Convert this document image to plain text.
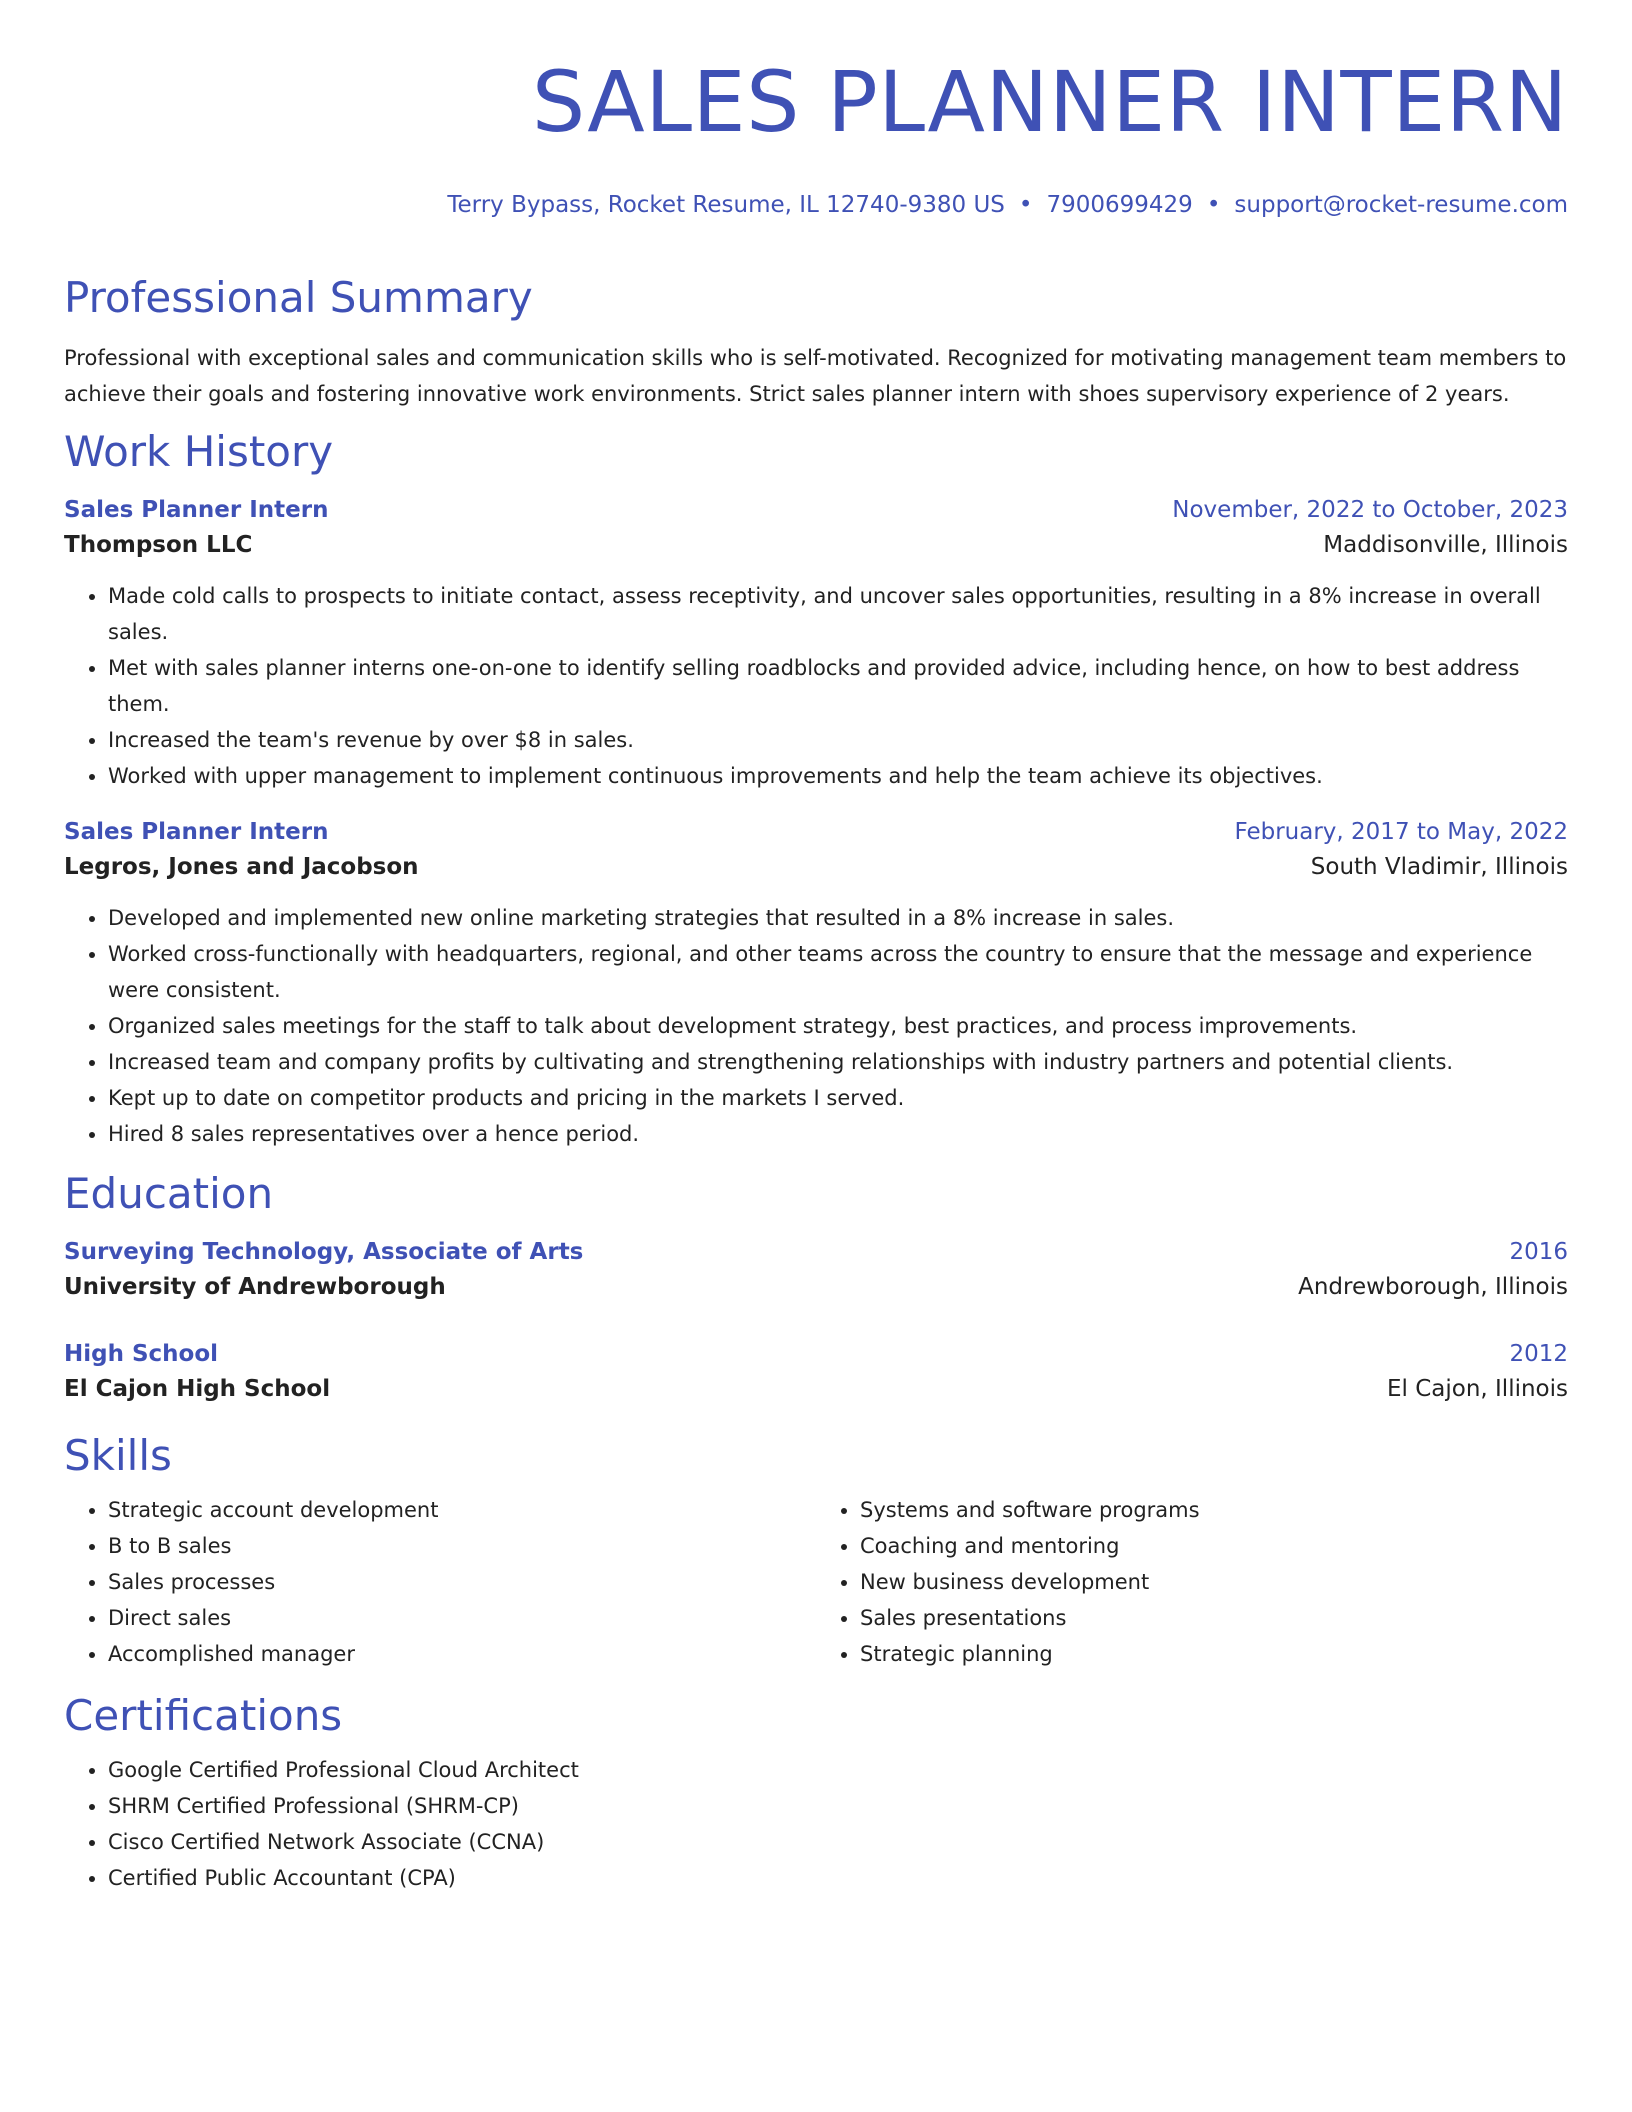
SALES PLANNER INTERN
Terry Bypass, Rocket Resume, IL 12740-9380 US • 7900699429 • support@rocket-resume.com
Professional Summary

Professional with exceptional sales and communication skills who is self-motivated. Recognized for motivating management team members to achieve their goals and fostering innovative work environments. Strict sales planner intern with shoes supervisory experience of 2 years.

Work History
Sales Planner Intern	November, 2022 to October, 2023
Thompson LLC	Maddisonville, Illinois
• Made cold calls to prospects to initiate contact, assess receptivity, and uncover sales opportunities, resulting in a 8% increase in overall sales.
• Met with sales planner interns one-on-one to identify selling roadblocks and provided advice, including hence, on how to best address them.
• Increased the team's revenue by over $8 in sales.
• Worked with upper management to implement continuous improvements and help the team achieve its objectives.
Sales Planner Intern	February, 2017 to May, 2022
Legros, Jones and Jacobson	South Vladimir, Illinois
• Developed and implemented new online marketing strategies that resulted in a 8% increase in sales.
• Worked cross-functionally with headquarters, regional, and other teams across the country to ensure that the message and experience were consistent.
• Organized sales meetings for the staff to talk about development strategy, best practices, and process improvements.
• Increased team and company profits by cultivating and strengthening relationships with industry partners and potential clients.
• Kept up to date on competitor products and pricing in the markets I served.
• Hired 8 sales representatives over a hence period.
Education
Surveying Technology, Associate of Arts	2016
University of Andrewborough	Andrewborough, Illinois
High School	2012
El Cajon High School	El Cajon, Illinois
Skills
• Strategic account development
• B to B sales
• Sales processes
• Direct sales
• Accomplished manager
• Systems and software programs
• Coaching and mentoring
• New business development
• Sales presentations
• Strategic planning
Certifications
• Google Certified Professional Cloud Architect
• SHRM Certified Professional (SHRM-CP)
• Cisco Certified Network Associate (CCNA)
• Certified Public Accountant (CPA)
